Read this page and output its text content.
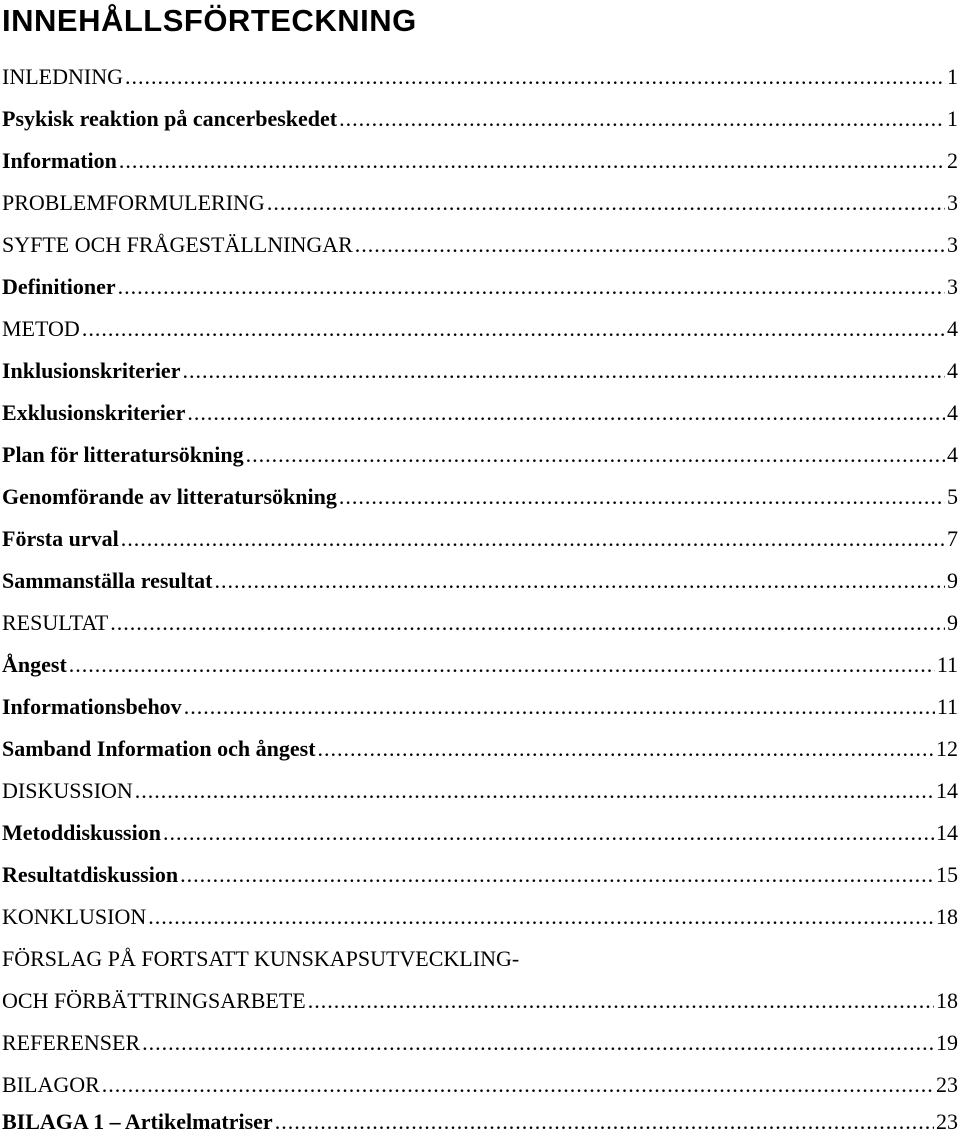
INNEHÅLLSFÖRTECKNING
INLEDNING .....	1
Psykisk reaktion på cancerbeskedet .....	1
Information .....	2
PROBLEMFORMULERING .....	3
SYFTE OCH FRÅGESTÄLLNINGAR .....	3
Definitioner .....	3
METOD .....	4
Inklusionskriterier .....	4
Exklusionskriterier .....	4
Plan för litteratursökning .....	4
Genomförande av litteratursökning .....	5
Första urval .....	7
Sammanställa resultat .....	9
RESULTAT .....	9
Ångest .....	11
Informationsbehov .....	11
Samband Information och ångest .....	12
DISKUSSION .....	14
Metoddiskussion .....	14
Resultatdiskussion .....	15
KONKLUSION .....	18
FÖRSLAG PÅ FORTSATT KUNSKAPSUTVECKLING-
OCH FÖRBÄTTRINGSARBETE .....	18
REFERENSER .....	19
BILAGOR .....	23
BILAGA 1 – Artikelmatriser .....	23
